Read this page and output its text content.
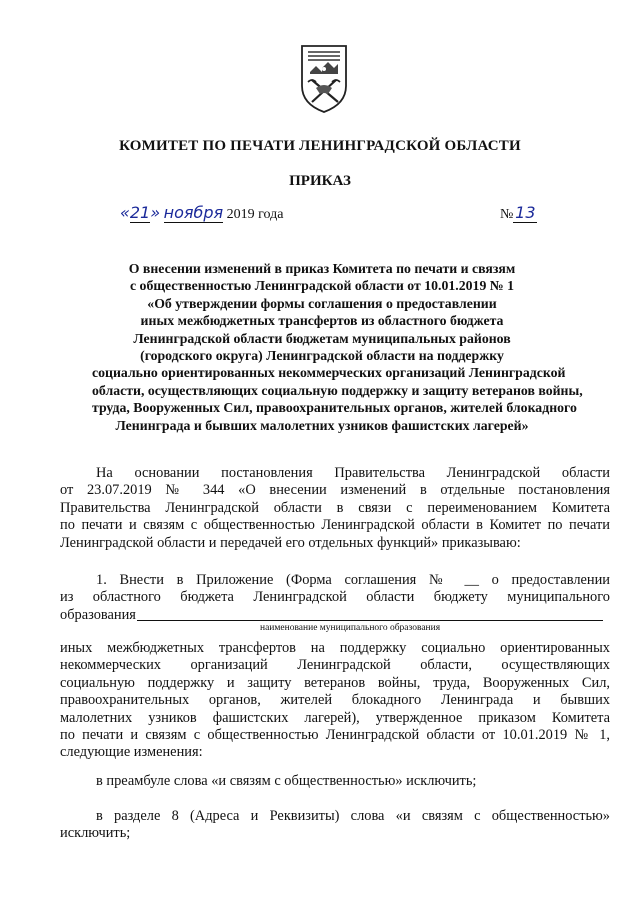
КОМИТЕТ ПО ПЕЧАТИ ЛЕНИНГРАДСКОЙ ОБЛАСТИ
ПРИКАЗ
«21» ноября 2019 года	№ 13
О внесении изменений в приказ Комитета по печати и связям
с общественностью Ленинградской области от 10.01.2019 № 1
«Об утверждении формы соглашения о предоставлении
иных межбюджетных трансфертов из областного бюджета
Ленинградской области бюджетам муниципальных районов
(городского округа) Ленинградской области на поддержку
социально ориентированных некоммерческих организаций Ленинградской
области, осуществляющих социальную поддержку и защиту ветеранов войны,
труда, Вооруженных Сил, правоохранительных органов, жителей блокадного
Ленинграда и бывших малолетних узников фашистских лагерей»
На основании постановления Правительства Ленинградской области
от 23.07.2019 № 344 «О внесении изменений в отдельные постановления
Правительства Ленинградской области в связи с переименованием Комитета
по печати и связям с общественностью Ленинградской области в Комитет по печати
Ленинградской области и передачей его отдельных функций» приказываю:
1. Внести в Приложение (Форма соглашения № __ о предоставлении
из областного бюджета Ленинградской области бюджету муниципального
образования
наименование муниципального образования
иных межбюджетных трансфертов на поддержку социально ориентированных
некоммерческих организаций Ленинградской области, осуществляющих
социальную поддержку и защиту ветеранов войны, труда, Вооруженных Сил,
правоохранительных органов, жителей блокадного Ленинграда и бывших
малолетних узников фашистских лагерей), утвержденное приказом Комитета
по печати и связям с общественностью Ленинградской области от 10.01.2019 № 1,
следующие изменения:
в преамбуле слова «и связям с общественностью» исключить;
в разделе 8 (Адреса и Реквизиты) слова «и связям с общественностью»
исключить;
